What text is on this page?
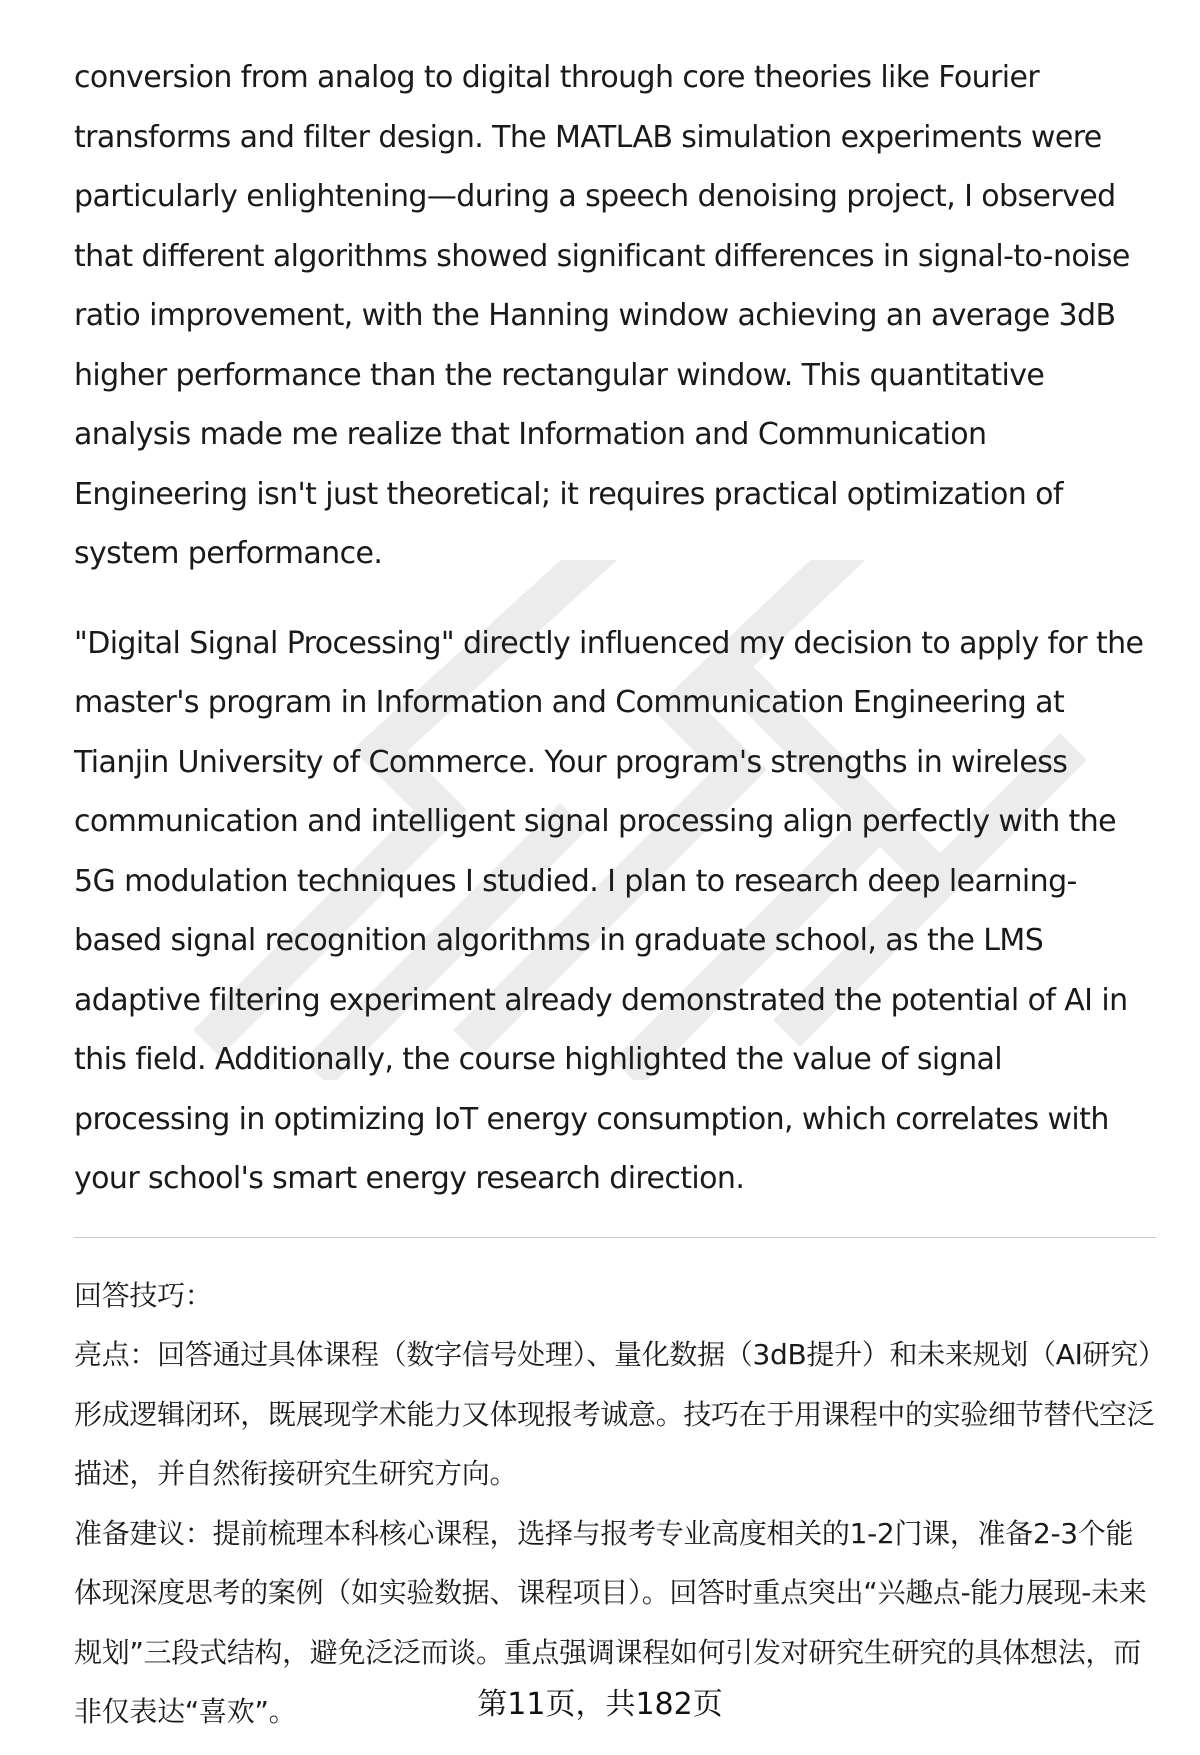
conversion from analog to digital through core theories like Fourier transforms and filter design. The MATLAB simulation experiments were particularly enlightening—during a speech denoising project, I observed that different algorithms showed significant differences in signal-to-noise ratio improvement, with the Hanning window achieving an average 3dB higher performance than the rectangular window. This quantitative analysis made me realize that Information and Communication Engineering isn't just theoretical; it requires practical optimization of system performance.

"Digital Signal Processing" directly influenced my decision to apply for the master's program in Information and Communication Engineering at Tianjin University of Commerce. Your program's strengths in wireless communication and intelligent signal processing align perfectly with the 5G modulation techniques I studied. I plan to research deep learning-based signal recognition algorithms in graduate school, as the LMS adaptive filtering experiment already demonstrated the potential of AI in this field. Additionally, the course highlighted the value of signal processing in optimizing IoT energy consumption, which correlates with your school's smart energy research direction.

回答技巧：

亮点：回答通过具体课程（数字信号处理）、量化数据（3dB提升）和未来规划（AI研究）形成逻辑闭环，既展现学术能力又体现报考诚意。技巧在于用课程中的实验细节替代空泛描述，并自然衔接研究生研究方向。

准备建议：提前梳理本科核心课程，选择与报考专业高度相关的1-2门课，准备2-3个能体现深度思考的案例（如实验数据、课程项目）。回答时重点突出“兴趣点-能力展现-未来规划”三段式结构，避免泛泛而谈。重点强调课程如何引发对研究生研究的具体想法，而非仅表达“喜欢”。	第11页，共182页
